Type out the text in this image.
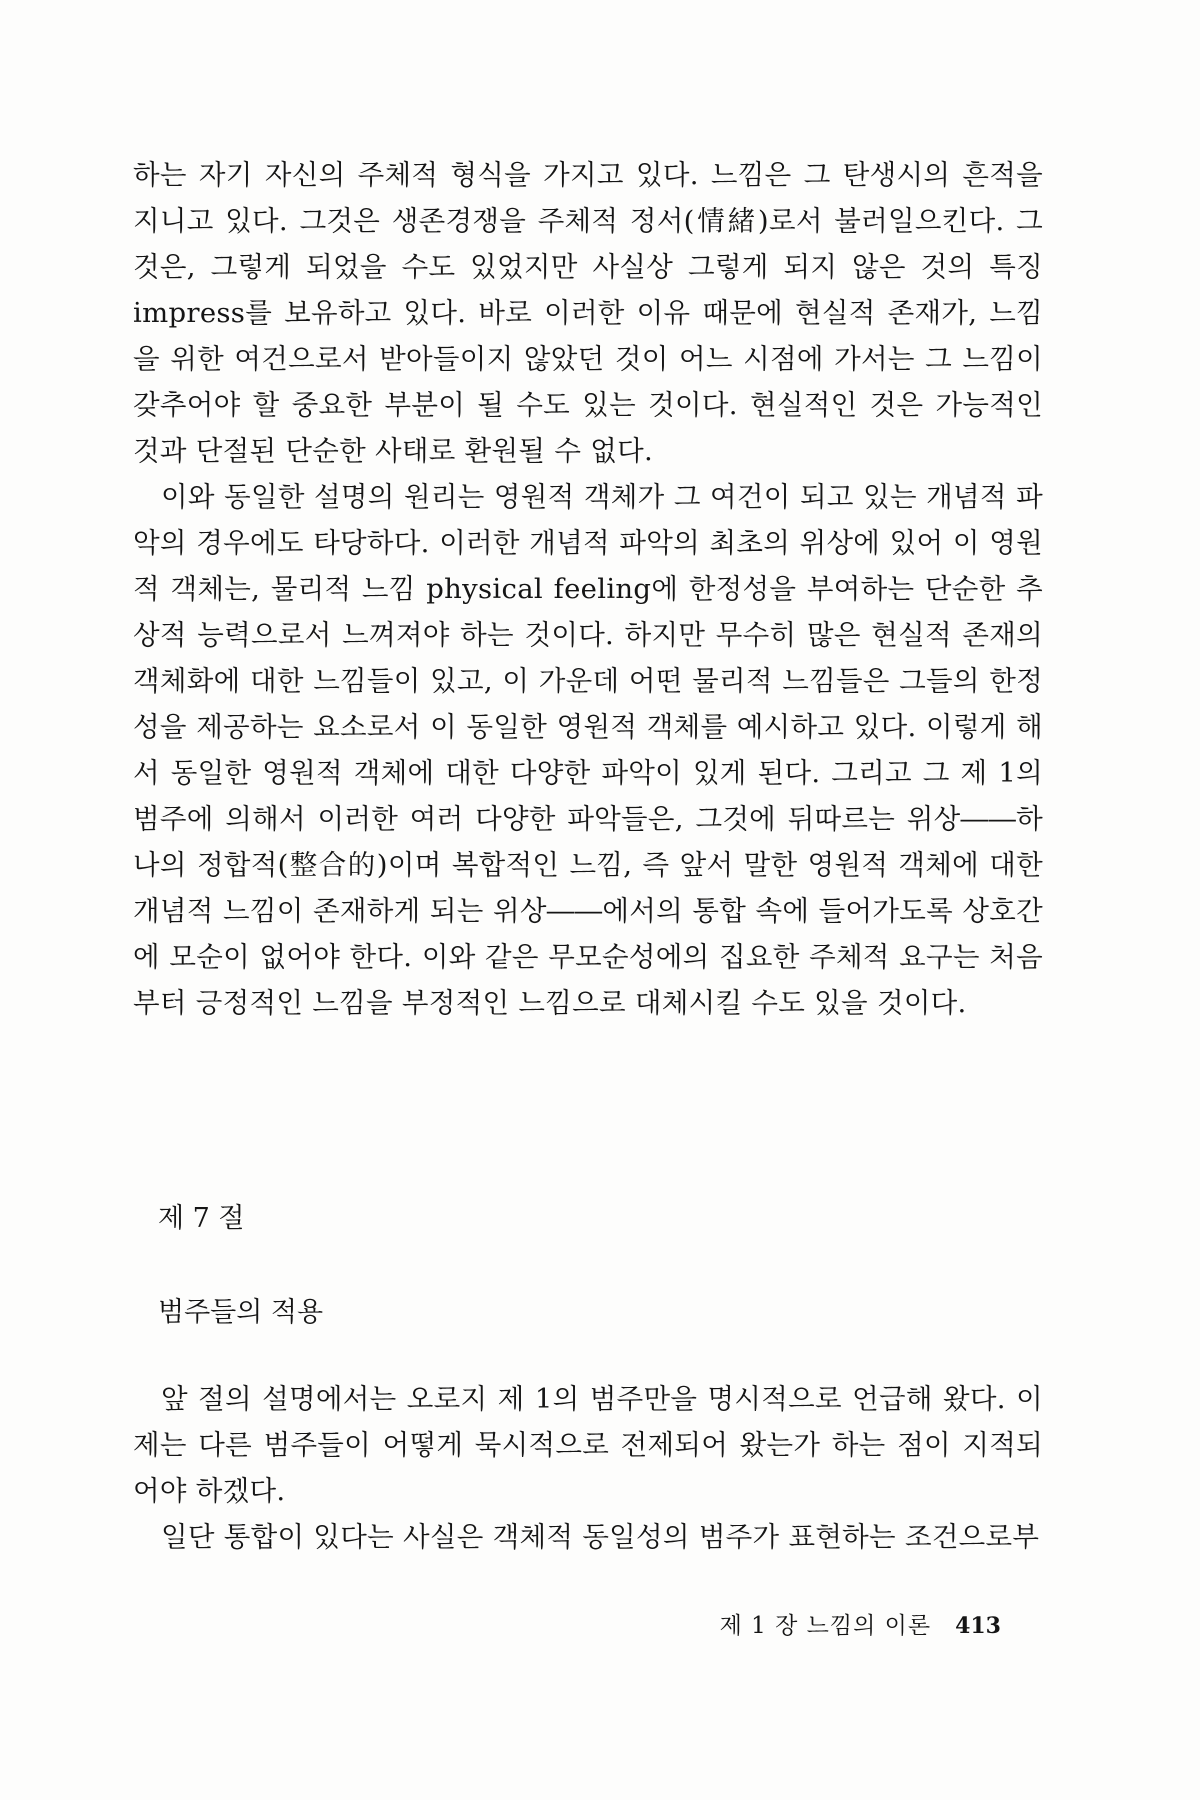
하는 자기 자신의 주체적 형식을 가지고 있다. 느낌은 그 탄생시의 흔적을 지니고 있다. 그것은 생존경쟁을 주체적 정서(情緒)로서 불러일으킨다. 그것은, 그렇게 되었을 수도 있었지만 사실상 그렇게 되지 않은 것의 특징 impress를 보유하고 있다. 바로 이러한 이유 때문에 현실적 존재가, 느낌을 위한 여건으로서 받아들이지 않았던 것이 어느 시점에 가서는 그 느낌이 갖추어야 할 중요한 부분이 될 수도 있는 것이다. 현실적인 것은 가능적인 것과 단절된 단순한 사태로 환원될 수 없다.

이와 동일한 설명의 원리는 영원적 객체가 그 여건이 되고 있는 개념적 파악의 경우에도 타당하다. 이러한 개념적 파악의 최초의 위상에 있어 이 영원적 객체는, 물리적 느낌 physical feeling에 한정성을 부여하는 단순한 추상적 능력으로서 느껴져야 하는 것이다. 하지만 무수히 많은 현실적 존재의 객체화에 대한 느낌들이 있고, 이 가운데 어떤 물리적 느낌들은 그들의 한정성을 제공하는 요소로서 이 동일한 영원적 객체를 예시하고 있다. 이렇게 해서 동일한 영원적 객체에 대한 다양한 파악이 있게 된다. 그리고 그 제 1의 범주에 의해서 이러한 여러 다양한 파악들은, 그것에 뒤따르는 위상――하나의 정합적(整合的)이며 복합적인 느낌, 즉 앞서 말한 영원적 객체에 대한 개념적 느낌이 존재하게 되는 위상――에서의 통합 속에 들어가도록 상호간에 모순이 없어야 한다. 이와 같은 무모순성에의 집요한 주체적 요구는 처음부터 긍정적인 느낌을 부정적인 느낌으로 대체시킬 수도 있을 것이다.

제 7 절

범주들의 적용

앞 절의 설명에서는 오로지 제 1의 범주만을 명시적으로 언급해 왔다. 이제는 다른 범주들이 어떻게 묵시적으로 전제되어 왔는가 하는 점이 지적되어야 하겠다.

일단 통합이 있다는 사실은 객체적 동일성의 범주가 표현하는 조건으로부

제 1 장 느낌의 이론 413
